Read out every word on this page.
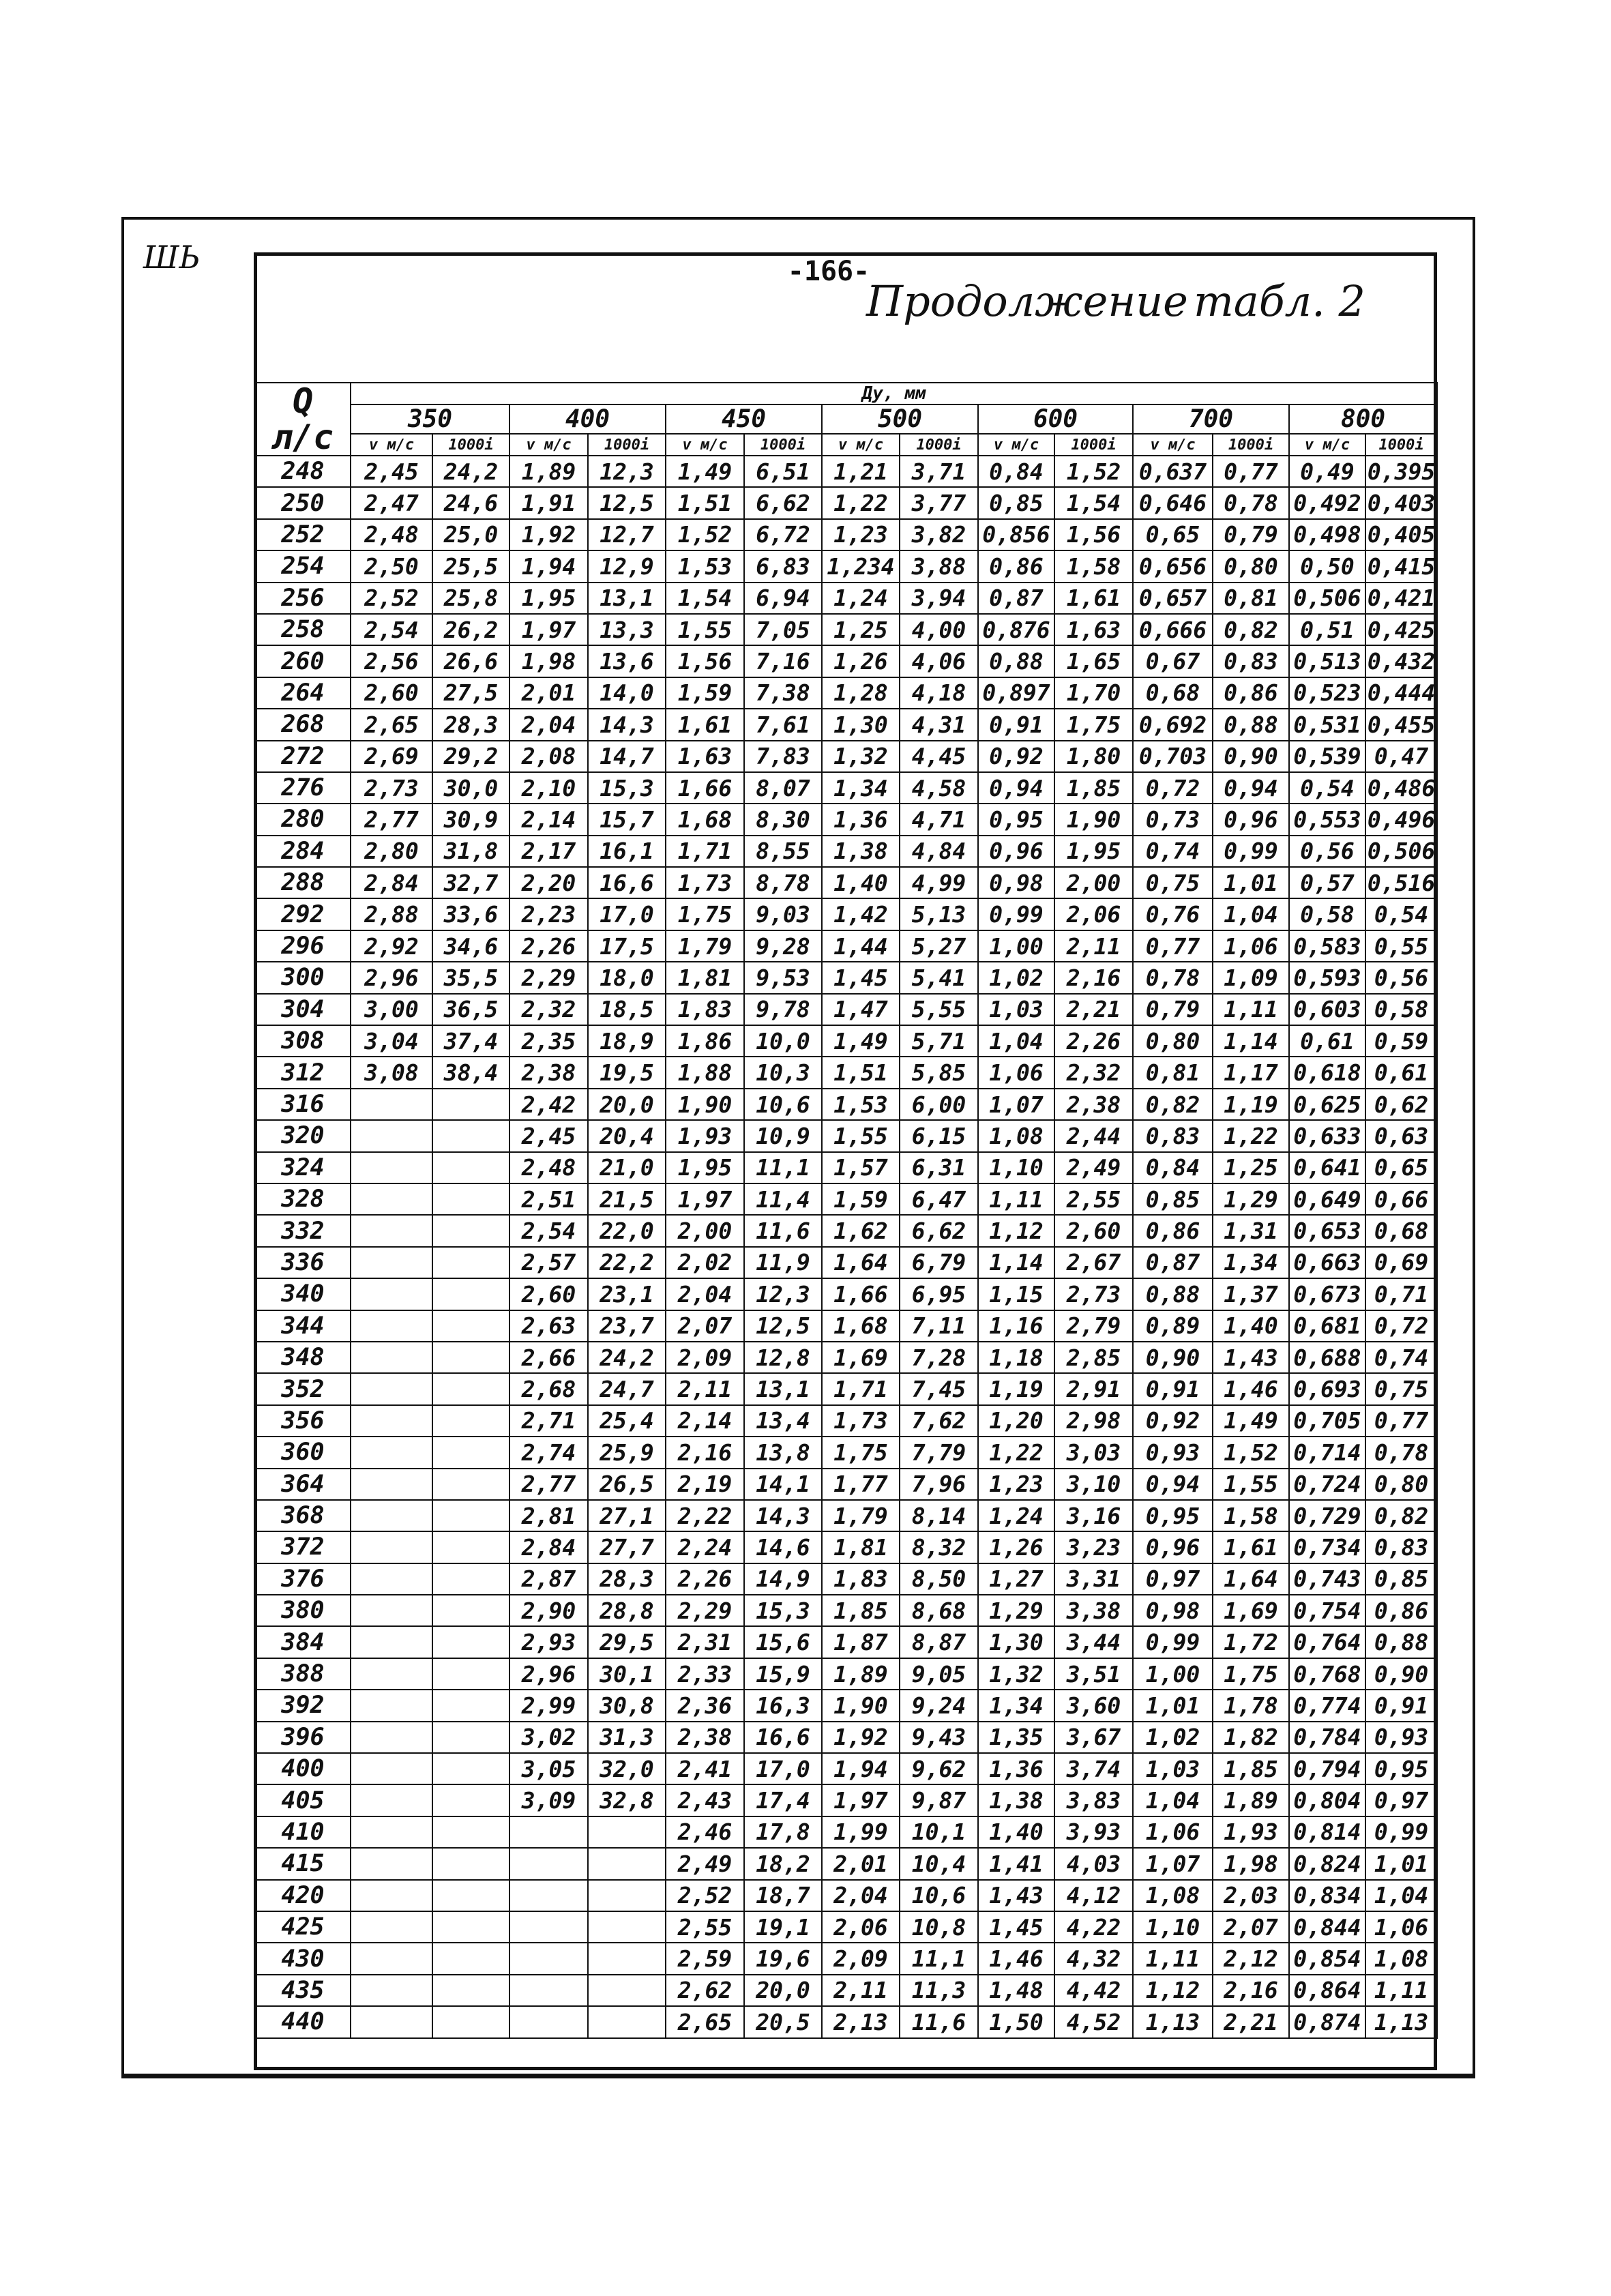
ШЬ	-166-
Продолжение табл. 2
Q
л/с	Ду, мм													
	350		400		450		500		600		700		800	
	v м/с	1000i	v м/с	1000i	v м/с	1000i	v м/с	1000i	v м/с	1000i	v м/с	1000i	v м/с	1000i
248	2,45	24,2	1,89	12,3	1,49	6,51	1,21	3,71	0,84	1,52	0,637	0,77	0,49	0,395
250	2,47	24,6	1,91	12,5	1,51	6,62	1,22	3,77	0,85	1,54	0,646	0,78	0,492	0,403
252	2,48	25,0	1,92	12,7	1,52	6,72	1,23	3,82	0,856	1,56	0,65	0,79	0,498	0,405
254	2,50	25,5	1,94	12,9	1,53	6,83	1,234	3,88	0,86	1,58	0,656	0,80	0,50	0,415
256	2,52	25,8	1,95	13,1	1,54	6,94	1,24	3,94	0,87	1,61	0,657	0,81	0,506	0,421
258	2,54	26,2	1,97	13,3	1,55	7,05	1,25	4,00	0,876	1,63	0,666	0,82	0,51	0,425
260	2,56	26,6	1,98	13,6	1,56	7,16	1,26	4,06	0,88	1,65	0,67	0,83	0,513	0,432
264	2,60	27,5	2,01	14,0	1,59	7,38	1,28	4,18	0,897	1,70	0,68	0,86	0,523	0,444
268	2,65	28,3	2,04	14,3	1,61	7,61	1,30	4,31	0,91	1,75	0,692	0,88	0,531	0,455
272	2,69	29,2	2,08	14,7	1,63	7,83	1,32	4,45	0,92	1,80	0,703	0,90	0,539	0,47
276	2,73	30,0	2,10	15,3	1,66	8,07	1,34	4,58	0,94	1,85	0,72	0,94	0,54	0,486
280	2,77	30,9	2,14	15,7	1,68	8,30	1,36	4,71	0,95	1,90	0,73	0,96	0,553	0,496
284	2,80	31,8	2,17	16,1	1,71	8,55	1,38	4,84	0,96	1,95	0,74	0,99	0,56	0,506
288	2,84	32,7	2,20	16,6	1,73	8,78	1,40	4,99	0,98	2,00	0,75	1,01	0,57	0,516
292	2,88	33,6	2,23	17,0	1,75	9,03	1,42	5,13	0,99	2,06	0,76	1,04	0,58	0,54
296	2,92	34,6	2,26	17,5	1,79	9,28	1,44	5,27	1,00	2,11	0,77	1,06	0,583	0,55
300	2,96	35,5	2,29	18,0	1,81	9,53	1,45	5,41	1,02	2,16	0,78	1,09	0,593	0,56
304	3,00	36,5	2,32	18,5	1,83	9,78	1,47	5,55	1,03	2,21	0,79	1,11	0,603	0,58
308	3,04	37,4	2,35	18,9	1,86	10,0	1,49	5,71	1,04	2,26	0,80	1,14	0,61	0,59
312	3,08	38,4	2,38	19,5	1,88	10,3	1,51	5,85	1,06	2,32	0,81	1,17	0,618	0,61
316			2,42	20,0	1,90	10,6	1,53	6,00	1,07	2,38	0,82	1,19	0,625	0,62
320			2,45	20,4	1,93	10,9	1,55	6,15	1,08	2,44	0,83	1,22	0,633	0,63
324			2,48	21,0	1,95	11,1	1,57	6,31	1,10	2,49	0,84	1,25	0,641	0,65
328			2,51	21,5	1,97	11,4	1,59	6,47	1,11	2,55	0,85	1,29	0,649	0,66
332			2,54	22,0	2,00	11,6	1,62	6,62	1,12	2,60	0,86	1,31	0,653	0,68
336			2,57	22,2	2,02	11,9	1,64	6,79	1,14	2,67	0,87	1,34	0,663	0,69
340			2,60	23,1	2,04	12,3	1,66	6,95	1,15	2,73	0,88	1,37	0,673	0,71
344			2,63	23,7	2,07	12,5	1,68	7,11	1,16	2,79	0,89	1,40	0,681	0,72
348			2,66	24,2	2,09	12,8	1,69	7,28	1,18	2,85	0,90	1,43	0,688	0,74
352			2,68	24,7	2,11	13,1	1,71	7,45	1,19	2,91	0,91	1,46	0,693	0,75
356			2,71	25,4	2,14	13,4	1,73	7,62	1,20	2,98	0,92	1,49	0,705	0,77
360			2,74	25,9	2,16	13,8	1,75	7,79	1,22	3,03	0,93	1,52	0,714	0,78
364			2,77	26,5	2,19	14,1	1,77	7,96	1,23	3,10	0,94	1,55	0,724	0,80
368			2,81	27,1	2,22	14,3	1,79	8,14	1,24	3,16	0,95	1,58	0,729	0,82
372			2,84	27,7	2,24	14,6	1,81	8,32	1,26	3,23	0,96	1,61	0,734	0,83
376			2,87	28,3	2,26	14,9	1,83	8,50	1,27	3,31	0,97	1,64	0,743	0,85
380			2,90	28,8	2,29	15,3	1,85	8,68	1,29	3,38	0,98	1,69	0,754	0,86
384			2,93	29,5	2,31	15,6	1,87	8,87	1,30	3,44	0,99	1,72	0,764	0,88
388			2,96	30,1	2,33	15,9	1,89	9,05	1,32	3,51	1,00	1,75	0,768	0,90
392			2,99	30,8	2,36	16,3	1,90	9,24	1,34	3,60	1,01	1,78	0,774	0,91
396			3,02	31,3	2,38	16,6	1,92	9,43	1,35	3,67	1,02	1,82	0,784	0,93
400			3,05	32,0	2,41	17,0	1,94	9,62	1,36	3,74	1,03	1,85	0,794	0,95
405			3,09	32,8	2,43	17,4	1,97	9,87	1,38	3,83	1,04	1,89	0,804	0,97
410					2,46	17,8	1,99	10,1	1,40	3,93	1,06	1,93	0,814	0,99
415					2,49	18,2	2,01	10,4	1,41	4,03	1,07	1,98	0,824	1,01
420					2,52	18,7	2,04	10,6	1,43	4,12	1,08	2,03	0,834	1,04
425					2,55	19,1	2,06	10,8	1,45	4,22	1,10	2,07	0,844	1,06
430					2,59	19,6	2,09	11,1	1,46	4,32	1,11	2,12	0,854	1,08
435					2,62	20,0	2,11	11,3	1,48	4,42	1,12	2,16	0,864	1,11
440					2,65	20,5	2,13	11,6	1,50	4,52	1,13	2,21	0,874	1,13
